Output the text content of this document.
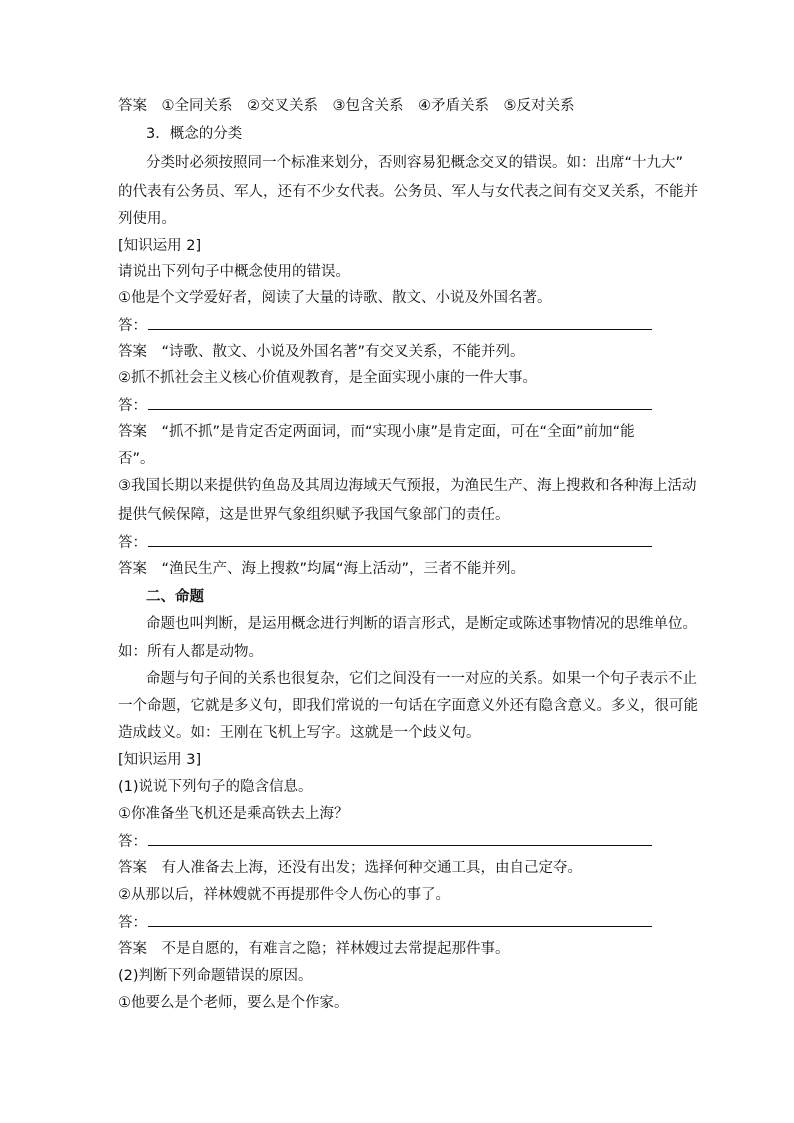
答案　①全同关系　②交叉关系　③包含关系　④矛盾关系　⑤反对关系
3．概念的分类
分类时必须按照同一个标准来划分，否则容易犯概念交叉的错误。如：出席“十九大”
的代表有公务员、军人，还有不少女代表。公务员、军人与女代表之间有交叉关系，不能并
列使用。
[知识运用 2]
请说出下列句子中概念使用的错误。
①他是个文学爱好者，阅读了大量的诗歌、散文、小说及外国名著。
答：
答案　“诗歌、散文、小说及外国名著”有交叉关系，不能并列。
②抓不抓社会主义核心价值观教育，是全面实现小康的一件大事。
答：
答案　“抓不抓”是肯定否定两面词，而“实现小康”是肯定面，可在“全面”前加“能
否”。
③我国长期以来提供钓鱼岛及其周边海域天气预报，为渔民生产、海上搜救和各种海上活动
提供气候保障，这是世界气象组织赋予我国气象部门的责任。
答：
答案　“渔民生产、海上搜救”均属“海上活动”，三者不能并列。
二、命题
命题也叫判断，是运用概念进行判断的语言形式，是断定或陈述事物情况的思维单位。
如：所有人都是动物。
命题与句子间的关系也很复杂，它们之间没有一一对应的关系。如果一个句子表示不止
一个命题，它就是多义句，即我们常说的一句话在字面意义外还有隐含意义。多义，很可能
造成歧义。如：王刚在飞机上写字。这就是一个歧义句。
[知识运用 3]
(1)说说下列句子的隐含信息。
①你准备坐飞机还是乘高铁去上海？
答：
答案　有人准备去上海，还没有出发；选择何种交通工具，由自己定夺。
②从那以后，祥林嫂就不再提那件令人伤心的事了。
答：
答案　不是自愿的，有难言之隐；祥林嫂过去常提起那件事。
(2)判断下列命题错误的原因。
①他要么是个老师，要么是个作家。
